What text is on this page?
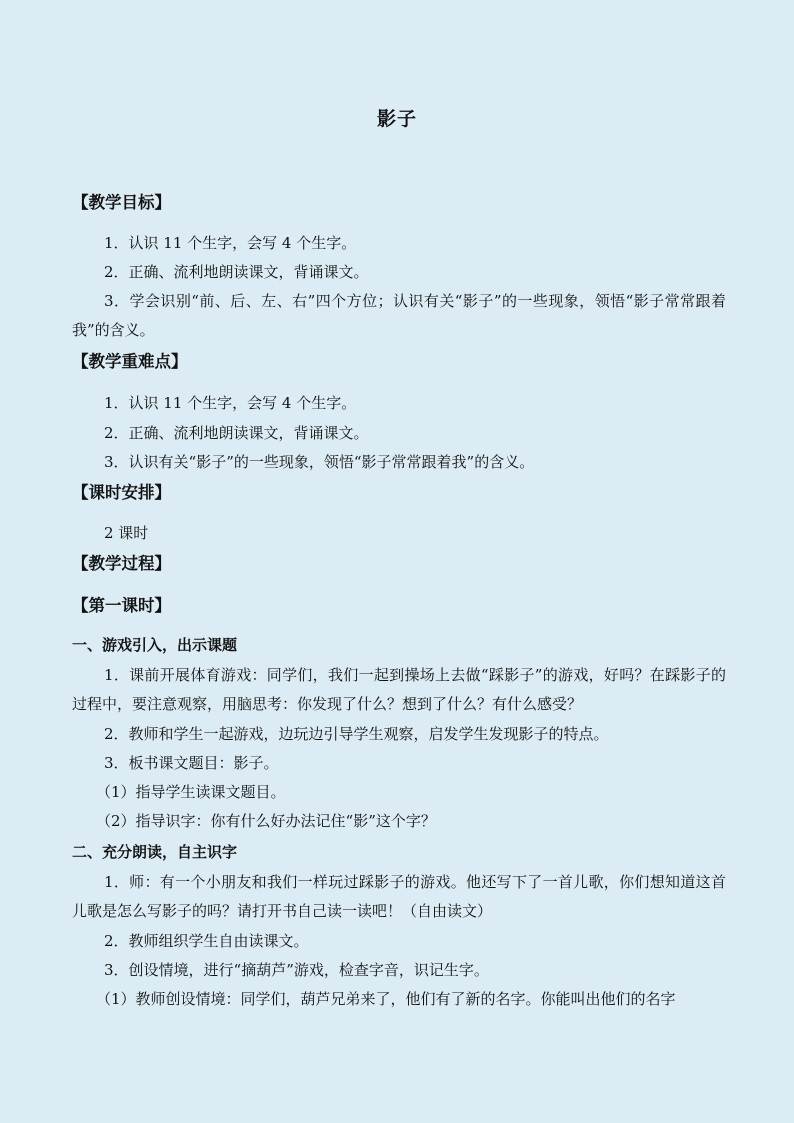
影子
【教学目标】
1．认识 11 个生字，会写 4 个生字。
2．正确、流利地朗读课文，背诵课文。
3．学会识别“前、后、左、右”四个方位；认识有关“影子”的一些现象，领悟“影子常常跟着我”的含义。
【教学重难点】
1．认识 11 个生字，会写 4 个生字。
2．正确、流利地朗读课文，背诵课文。
3．认识有关“影子”的一些现象，领悟“影子常常跟着我”的含义。
【课时安排】
2 课时
【教学过程】
【第一课时】
一、游戏引入，出示课题
1．课前开展体育游戏：同学们，我们一起到操场上去做“踩影子”的游戏，好吗？在踩影子的过程中，要注意观察，用脑思考：你发现了什么？想到了什么？有什么感受？
2．教师和学生一起游戏，边玩边引导学生观察，启发学生发现影子的特点。
3．板书课文题目：影子。
（1）指导学生读课文题目。
（2）指导识字：你有什么好办法记住“影”这个字？
二、充分朗读，自主识字
1．师：有一个小朋友和我们一样玩过踩影子的游戏。他还写下了一首儿歌，你们想知道这首儿歌是怎么写影子的吗？请打开书自己读一读吧！（自由读文）
2．教师组织学生自由读课文。
3．创设情境，进行“摘葫芦”游戏，检查字音，识记生字。
（1）教师创设情境：同学们，葫芦兄弟来了，他们有了新的名字。你能叫出他们的名字
